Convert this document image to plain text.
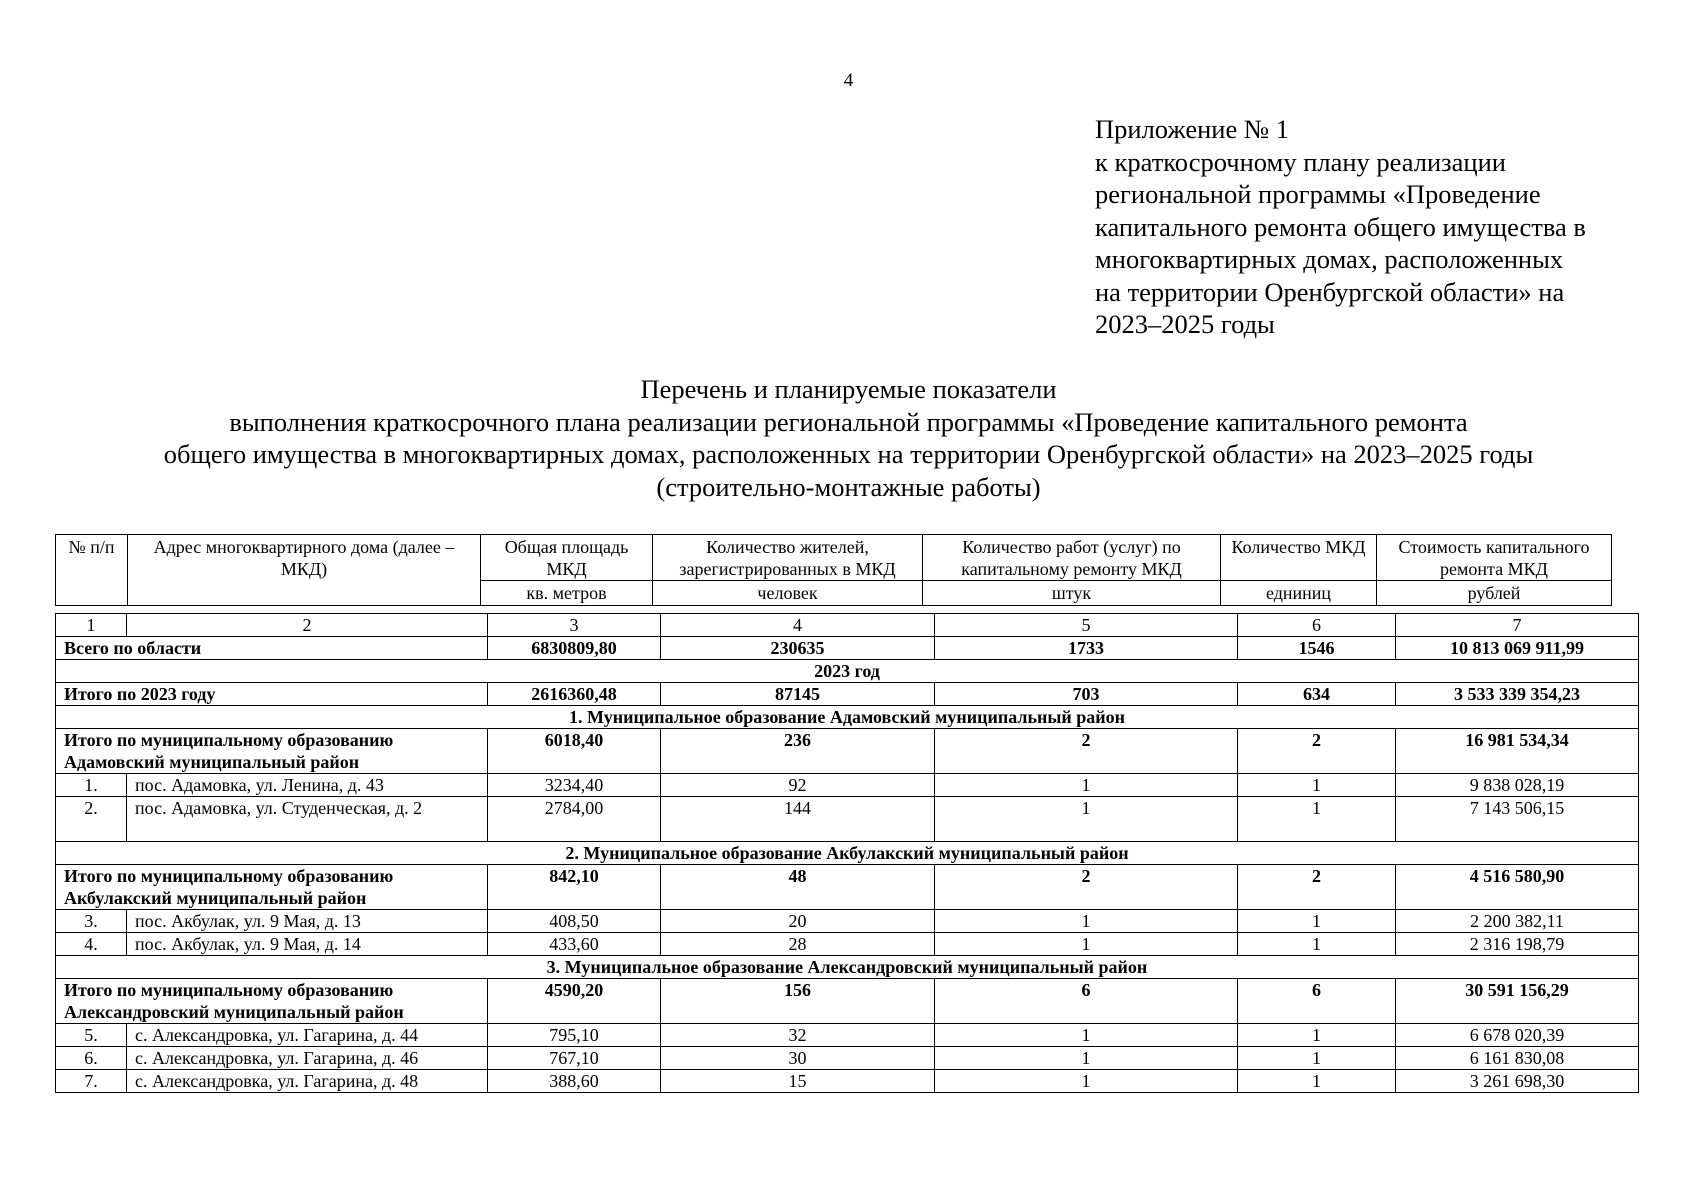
4
Приложение № 1
к краткосрочному плану реализации
региональной программы «Проведение
капитального ремонта общего имущества в
многоквартирных домах, расположенных
на территории Оренбургской области» на
2023–2025 годы
Перечень и планируемые показатели
выполнения краткосрочного плана реализации региональной программы «Проведение капитального ремонта
общего имущества в многоквартирных домах, расположенных на территории Оренбургской области» на 2023–2025 годы
(строительно-монтажные работы)
№ п/п	Адрес многоквартирного дома (далее – МКД)	Общая площадь МКД	Количество жителей, зарегистрированных в МКД	Количество работ (услуг) по капитальному ремонту МКД	Количество МКД	Стоимость капитального ремонта МКД
		кв. метров	человек	штук	едниниц	рублей
1	2	3	4	5	6	7
Всего по области		6830809,80	230635	1733	1546	10 813 069 911,99
2023 год						
Итого по 2023 году		2616360,48	87145	703	634	3 533 339 354,23
1. Муниципальное образование Адамовский муниципальный район						
Итого по муниципальному образованию Адамовский муниципальный район		6018,40	236	2	2	16 981 534,34
1.	пос. Адамовка, ул. Ленина, д. 43	3234,40	92	1	1	9 838 028,19
2.	пос. Адамовка, ул. Студенческая, д. 2	2784,00	144	1	1	7 143 506,15
2. Муниципальное образование Акбулакский муниципальный район						
Итого по муниципальному образованию Акбулакский муниципальный район		842,10	48	2	2	4 516 580,90
3.	пос. Акбулак, ул. 9 Мая, д. 13	408,50	20	1	1	2 200 382,11
4.	пос. Акбулак, ул. 9 Мая, д. 14	433,60	28	1	1	2 316 198,79
3. Муниципальное образование Александровский муниципальный район						
Итого по муниципальному образованию Александровский муниципальный район		4590,20	156	6	6	30 591 156,29
5.	с. Александровка, ул. Гагарина, д. 44	795,10	32	1	1	6 678 020,39
6.	с. Александровка, ул. Гагарина, д. 46	767,10	30	1	1	6 161 830,08
7.	с. Александровка, ул. Гагарина, д. 48	388,60	15	1	1	3 261 698,30
